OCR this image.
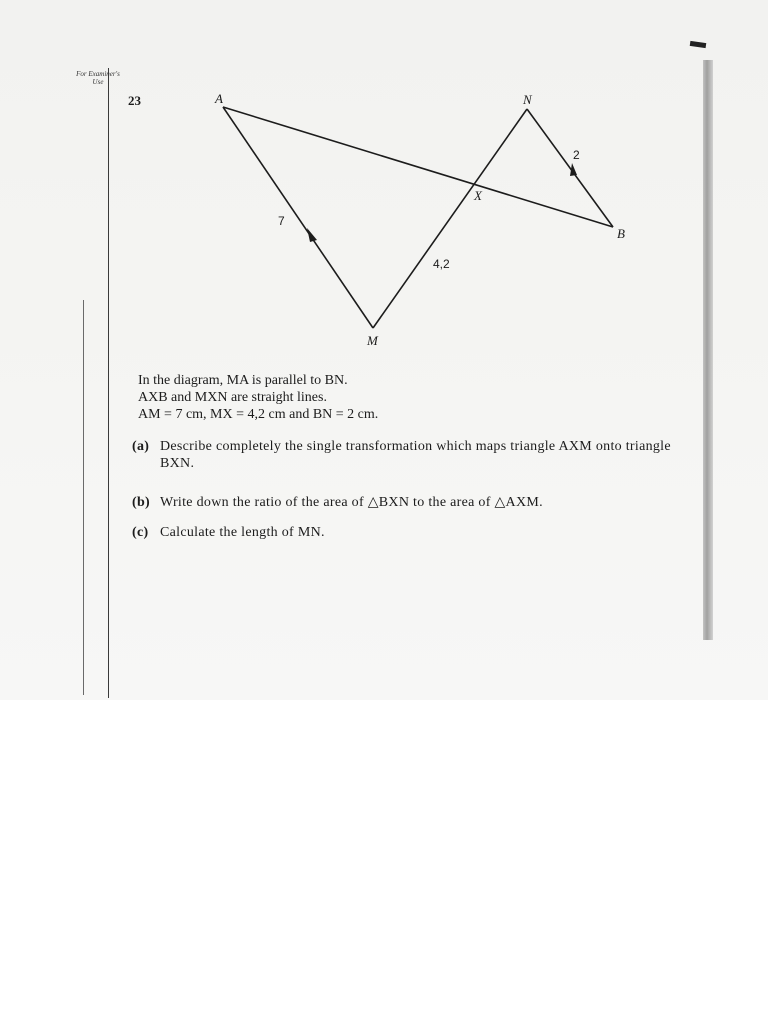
For Examiner's Use
23	A	N
X
B
M
7
4,2
2
In the diagram, MA is parallel to BN.
AXB and MXN are straight lines.
AM = 7 cm, MX = 4,2 cm and BN = 2 cm.
(a) Describe completely the single transformation which maps triangle AXM onto triangle BXN.
(b) Write down the ratio of the area of △BXN to the area of △AXM.
(c) Calculate the length of MN.
